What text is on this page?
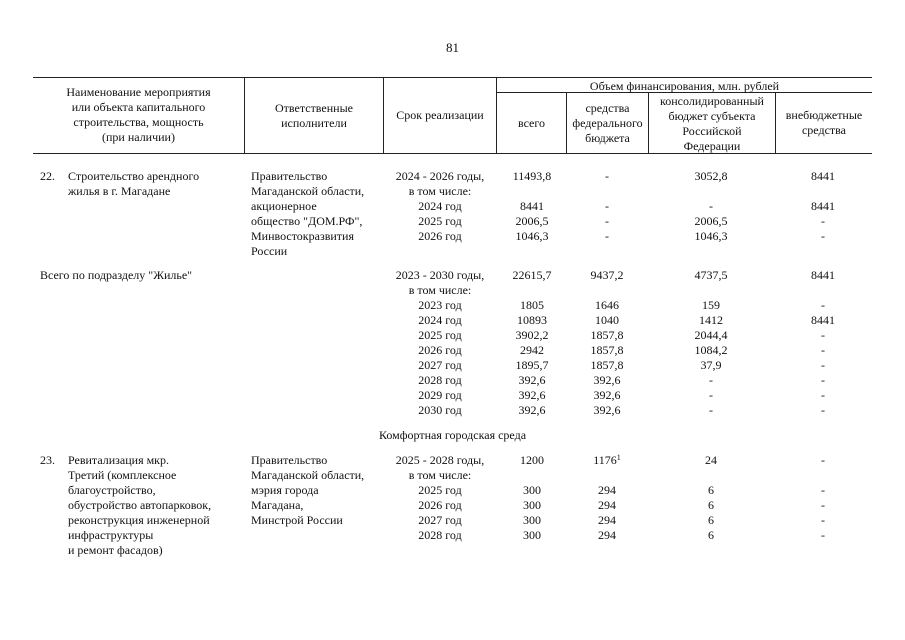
81
Наименование мероприятия
или объекта капитального
строительства, мощность
(при наличии)
Ответственные
исполнители
Срок реализации
Объем финансирования, млн. рублей
всего
средства
федерального
бюджета
консолидированный
бюджет субъекта
Российской
Федерации
внебюджетные
средства
22. Строительство арендного
жилья в г. Магадане
Правительство
Магаданской области,
акционерное
общество "ДОМ.РФ",
Минвостокразвития
России
2024 - 2026 годы,
в том числе:
2024 год
2025 год
2026 год
11493,8

8441
2006,5
1046,3
-

-
-
-
3052,8

-
2006,5
1046,3
8441

8441
-
-
Всего по подразделу "Жилье"	2023 - 2030 годы,
в том числе:
2023 год
2024 год
2025 год
2026 год
2027 год
2028 год
2029 год
2030 год
22615,7

1805
10893
3902,2
2942
1895,7
392,6
392,6
392,6
9437,2

1646
1040
1857,8
1857,8
1857,8
392,6
392,6
392,6
4737,5

159
1412
2044,4
1084,2
37,9
-
-
-
8441

-
8441
-
-
-
-
-
-
Комфортная городская среда
23. Ревитализация мкр.
Третий (комплексное
благоустройство,
обустройство автопарковок,
реконструкция инженерной
инфраструктуры
и ремонт фасадов)
Правительство
Магаданской области,
мэрия города
Магадана,
Минстрой России
2025 - 2028 годы,
в том числе:
2025 год
2026 год
2027 год
2028 год
1200

300
300
300
300
1176$^1$

294
294
294
294
24

6
6
6
6
-

-
-
-
-
